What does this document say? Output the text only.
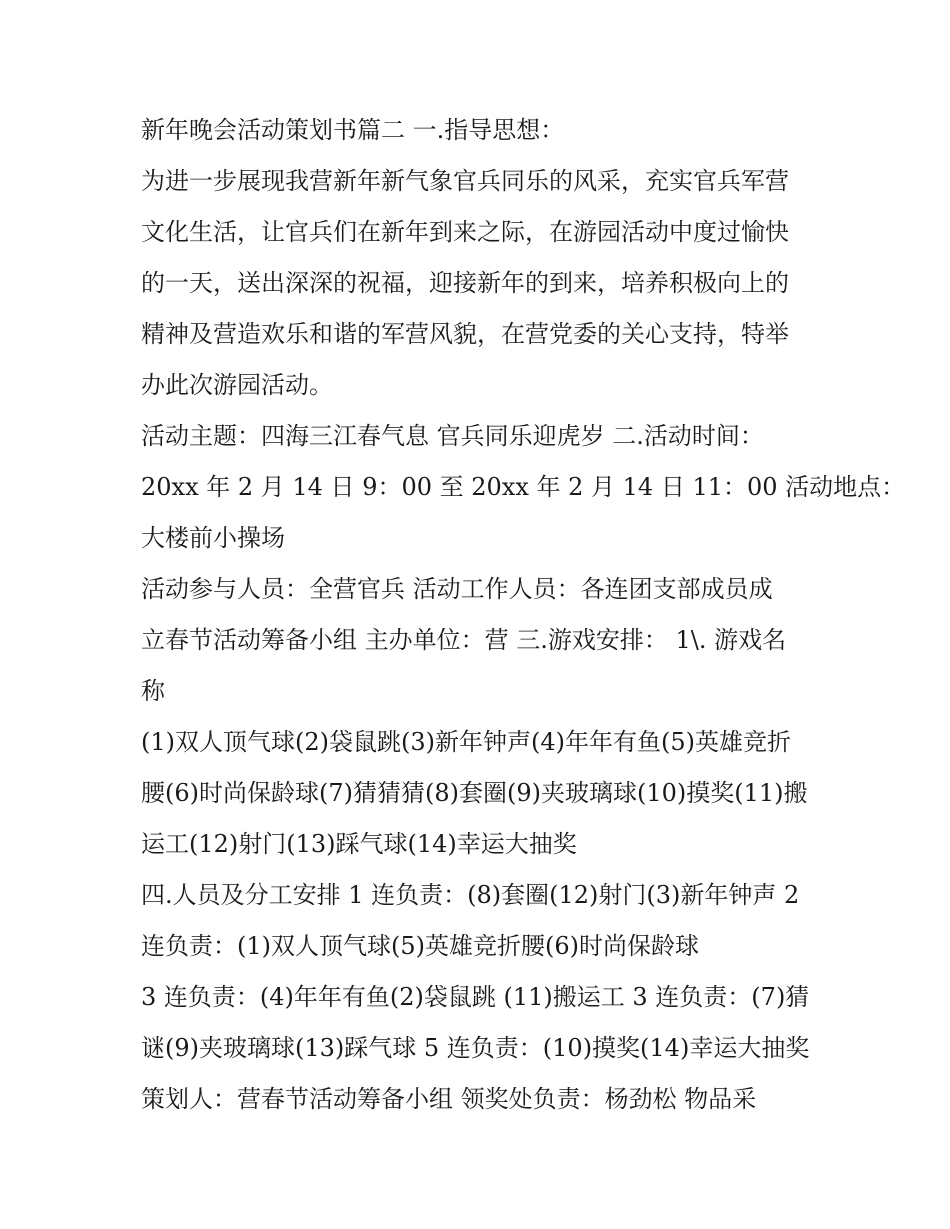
新年晚会活动策划书篇二 一.指导思想：
为进一步展现我营新年新气象官兵同乐的风采，充实官兵军营
文化生活，让官兵们在新年到来之际，在游园活动中度过愉快
的一天，送出深深的祝福，迎接新年的到来，培养积极向上的
精神及营造欢乐和谐的军营风貌，在营党委的关心支持，特举
办此次游园活动。
活动主题：四海三江春气息 官兵同乐迎虎岁 二.活动时间：
20xx 年 2 月 14 日 9：00 至 20xx 年 2 月 14 日 11：00 活动地点：
大楼前小操场
活动参与人员：全营官兵 活动工作人员：各连团支部成员成
立春节活动筹备小组 主办单位：营 三.游戏安排： 1\. 游戏名
称
(1)双人顶气球(2)袋鼠跳(3)新年钟声(4)年年有鱼(5)英雄竞折
腰(6)时尚保龄球(7)猜猜猜(8)套圈(9)夹玻璃球(10)摸奖(11)搬
运工(12)射门(13)踩气球(14)幸运大抽奖
四.人员及分工安排 1 连负责：(8)套圈(12)射门(3)新年钟声 2
连负责：(1)双人顶气球(5)英雄竞折腰(6)时尚保龄球
3 连负责：(4)年年有鱼(2)袋鼠跳 (11)搬运工 3 连负责：(7)猜
谜(9)夹玻璃球(13)踩气球 5 连负责：(10)摸奖(14)幸运大抽奖
策划人：营春节活动筹备小组 领奖处负责：杨劲松 物品采
